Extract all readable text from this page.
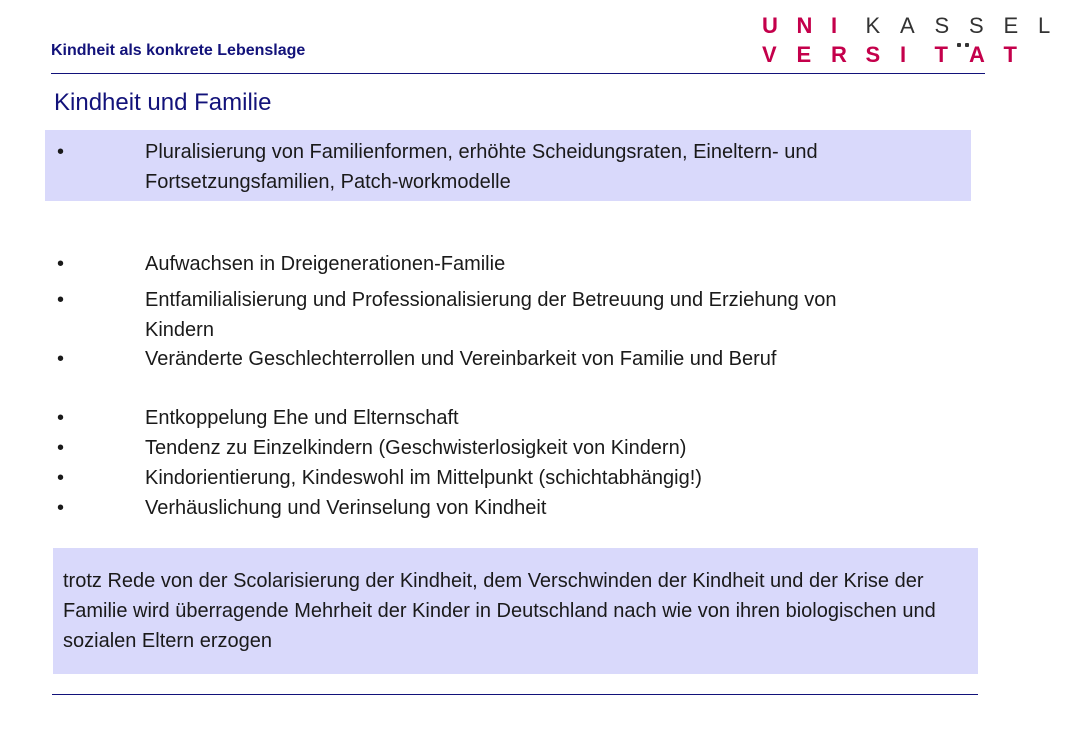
Kindheit als konkrete Lebenslage
U N I	K A S S E L
V E R S I	T A T
Kindheit und Familie
•	Pluralisierung von Familienformen, erhöhte Scheidungsraten, Eineltern- und Fortsetzungsfamilien, Patch-workmodelle
•	Aufwachsen in Dreigenerationen-Familie
•	Entfamilialisierung und Professionalisierung der Betreuung und Erziehung von Kindern
•	Veränderte Geschlechterrollen und Vereinbarkeit von Familie und Beruf
•	Entkoppelung Ehe und Elternschaft
•	Tendenz zu Einzelkindern (Geschwisterlosigkeit von Kindern)
•	Kindorientierung, Kindeswohl im Mittelpunkt (schichtabhängig!)
•	Verhäuslichung und Verinselung von Kindheit
trotz Rede von der Scolarisierung der Kindheit, dem Verschwinden der Kindheit und der Krise der Familie wird überragende Mehrheit der Kinder in Deutschland nach wie von ihren biologischen und sozialen Eltern erzogen
